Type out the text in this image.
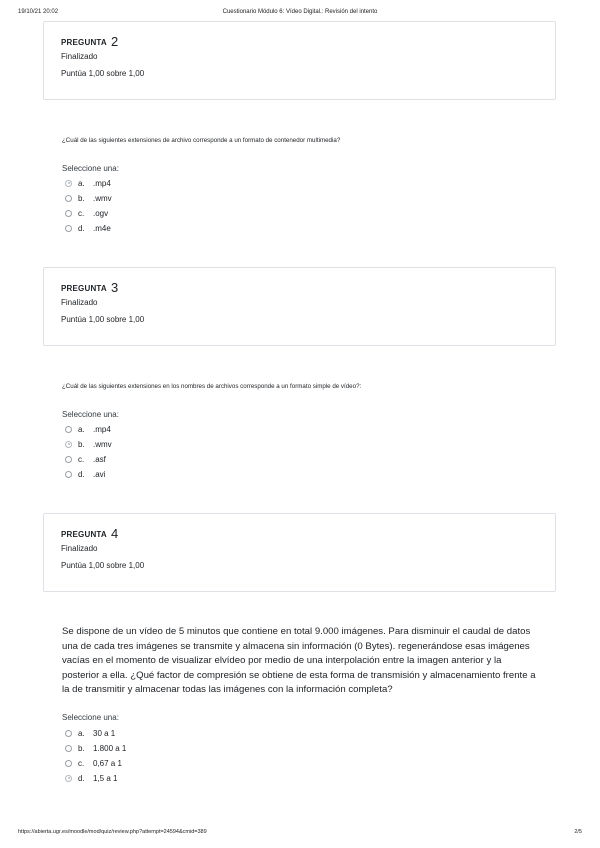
19/10/21 20:02	Cuestionario Módulo 6: Vídeo Digital.: Revisión del intento
PREGUNTA 2
Finalizado
Puntúa 1,00 sobre 1,00
¿Cuál de las siguientes extensiones de archivo corresponde a un formato de contenedor multimedia?
Seleccione una:
a.	.mp4
b.	.wmv
c.	.ogv
d.	.m4e
PREGUNTA 3
Finalizado
Puntúa 1,00 sobre 1,00
¿Cuál de las siguientes extensiones en los nombres de archivos corresponde a un formato simple de vídeo?:
Seleccione una:
a.	.mp4
b.	.wmv
c.	.asf
d.	.avi
PREGUNTA 4
Finalizado
Puntúa 1,00 sobre 1,00
Se dispone de un vídeo de 5 minutos que contiene en total 9.000 imágenes. Para disminuir el caudal de datos
una de cada tres imágenes se transmite y almacena sin información (0 Bytes). regenerándose esas imágenes
vacías en el momento de visualizar elvídeo por medio de una interpolación entre la imagen anterior y la
posterior a ella. ¿Qué factor de compresión se obtiene de esta forma de transmisión y almacenamiento frente a
la de transmitir y almacenar todas las imágenes con la información completa?
Seleccione una:
a.	30 a 1
b.	1.800 a 1
c.	0,67 a 1
d.	1,5 a 1
https://abierta.ugr.es/moodle/mod/quiz/review.php?attempt=24594&cmid=389	2/5
